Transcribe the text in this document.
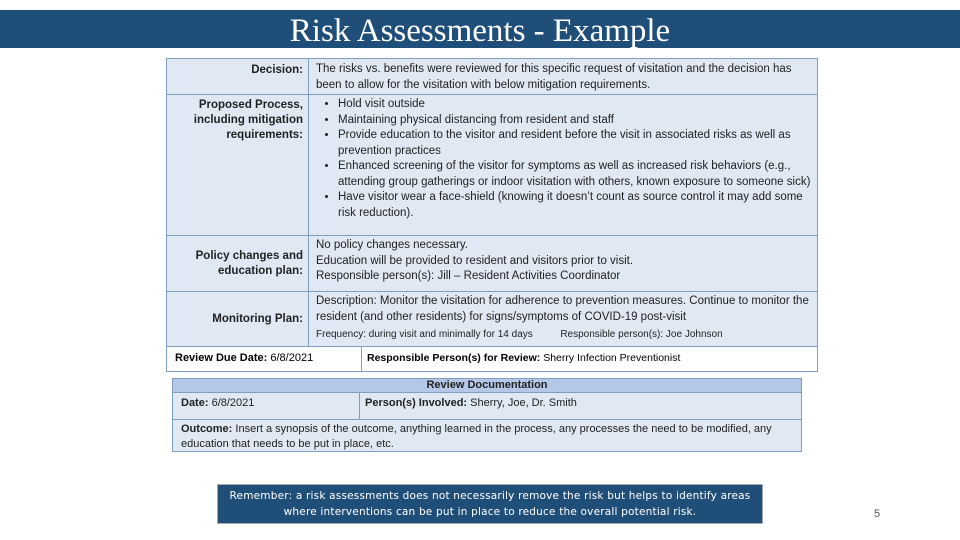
Risk Assessments - Example
Decision:	The risks vs. benefits were reviewed for this specific request of visitation and the decision has been to allow for the visitation with below mitigation requirements.
Proposed Process, including mitigation requirements:
• Hold visit outside
• Maintaining physical distancing from resident and staff
• Provide education to the visitor and resident before the visit in associated risks as well as prevention practices
• Enhanced screening of the visitor for symptoms as well as increased risk behaviors (e.g., attending group gatherings or indoor visitation with others, known exposure to someone sick)
• Have visitor wear a face-shield (knowing it doesn’t count as source control it may add some risk reduction).
Policy changes and education plan:
No policy changes necessary.
Education will be provided to resident and visitors prior to visit.
Responsible person(s): Jill – Resident Activities Coordinator
Monitoring Plan:
Description: Monitor the visitation for adherence to prevention measures. Continue to monitor the resident (and other residents) for signs/symptoms of COVID-19 post-visit
Frequency: during visit and minimally for 14 days	Responsible person(s): Joe Johnson
Review Due Date: 6/8/2021	Responsible Person(s) for Review: Sherry Infection Preventionist
Review Documentation
Date: 6/8/2021	Person(s) Involved: Sherry, Joe, Dr. Smith
Outcome: Insert a synopsis of the outcome, anything learned in the process, any processes the need to be modified, any education that needs to be put in place, etc.
Remember: a risk assessments does not necessarily remove the risk but helps to identify areas where interventions can be put in place to reduce the overall potential risk.	5
